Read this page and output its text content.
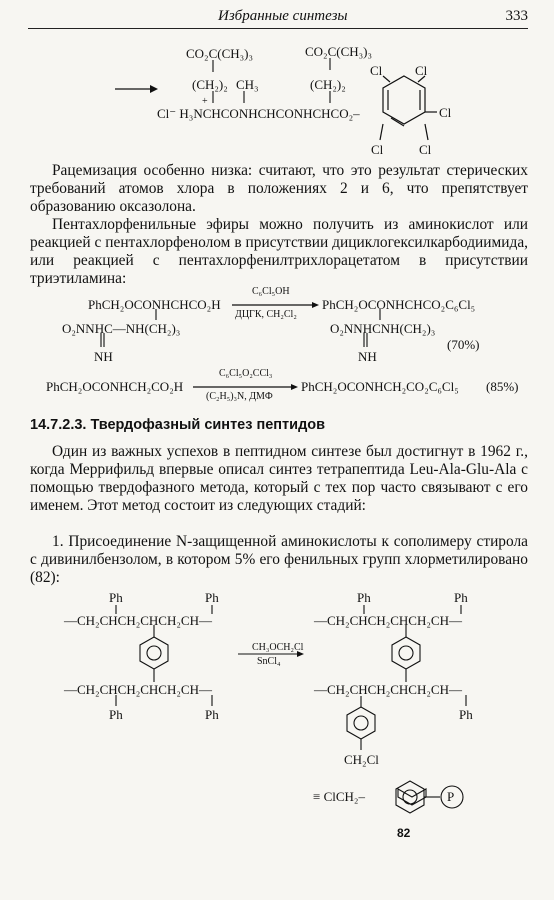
Избранные синтезы	333
CO₂C(CH₃)₃	CO₂C(CH₃)₃
(CH₂)₂ CH₃	(CH₂)₂
+
Cl⁻ H₃NCHCONHCHCONHCHCO₂–
Cl	Cl
Cl
Cl	Cl

Рацемизация особенно низка: считают, что это результат стерических требований атомов хлора в положениях 2 и 6, что препятствует образованию оксазолона.

Пентахлорфенильные эфиры можно получить из аминокислот или реакцией с пентахлорфенолом в присутствии дициклогексилкарбодиимида, или реакцией с пентахлорфенилтрихлорацетатом в присутствии триэтиламина:

PhCH₂OCONHCHCO₂H
C₆Cl₅OH
ДЦГК, CH₂Cl₂
PhCH₂OCONHCHCO₂C₆Cl₅
O₂NNHC—NH(CH₂)₃	O₂NNHCNH(CH₂)₃
NH	NH
(70%)
PhCH₂OCONHCH₂CO₂H
C₆Cl₅O₂CCl₃
(C₂H₅)₃N, ДМФ
PhCH₂OCONHCH₂CO₂C₆Cl₅ (85%)
14.7.2.3. Твердофазный синтез пептидов

Один из важных успехов в пептидном синтезе был достигнут в 1962 г., когда Меррифильд впервые описал синтез тетрапептида Leu-Ala-Glu-Ala с помощью твердофазного метода, который с тех пор часто связывают с его именем. Этот метод состоит из следующих стадий:

1. Присоединение N-защищенной аминокислоты к сополимеру стирола с дивинилбензолом, в котором 5% его фенильных групп хлорметилировано (82):

Ph	Ph
—CH₂CHCH₂CHCH₂CH—
CH₃OCH₂Cl
SnCl₄
—CH₂CHCH₂CHCH₂CH—
Ph	Ph
Ph	Ph
—CH₂CHCH₂CHCH₂CH—
—CH₂CHCH₂CHCH₂CH—
Ph
CH₂Cl
≡ ClCH₂–	P
82
